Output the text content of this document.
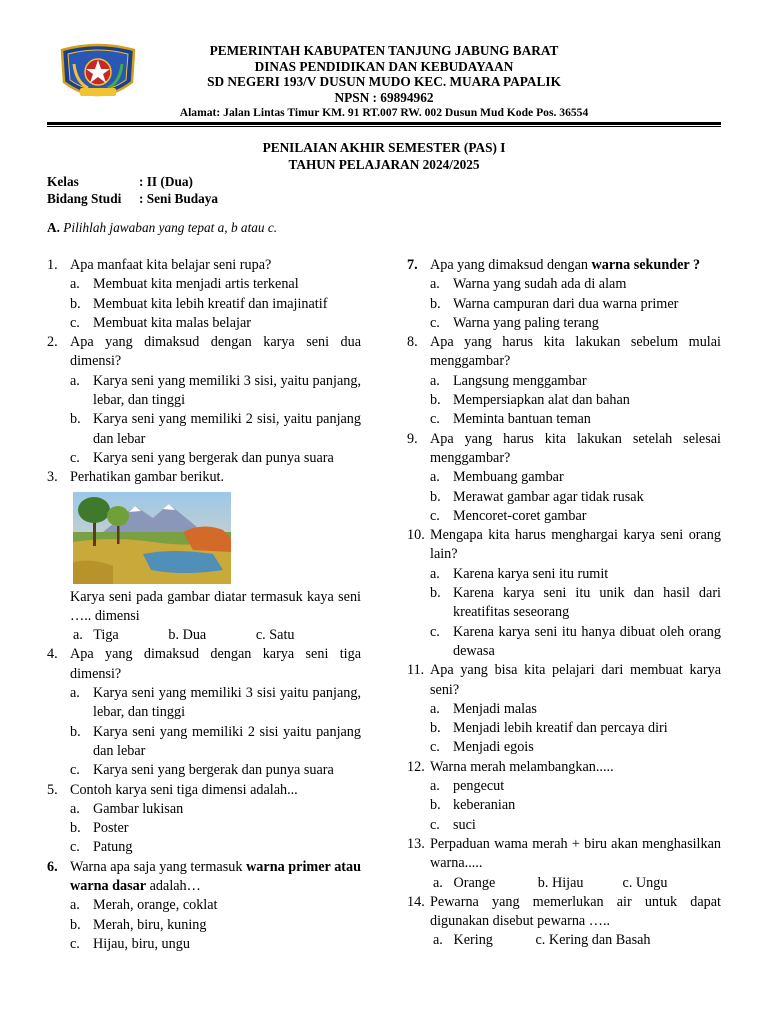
PEMERINTAH KABUPATEN TANJUNG JABUNG BARAT
DINAS PENDIDIKAN DAN KEBUDAYAAN
SD NEGERI 193/V DUSUN MUDO KEC. MUARA PAPALIK
NPSN : 69894962
Alamat: Jalan Lintas Timur KM. 91 RT.007 RW. 002 Dusun Mud Kode Pos. 36554
PENILAIAN AKHIR SEMESTER (PAS) I
TAHUN PELAJARAN 2024/2025
Kelas	: II (Dua)
Bidang Studi : Seni Budaya
A. Pilihlah jawaban yang tepat a, b atau c.
1. Apa manfaat kita belajar seni rupa?
a. Membuat kita menjadi artis terkenal
b. Membuat kita lebih kreatif dan imajinatif
c. Membuat kita malas belajar
2. Apa yang dimaksud dengan karya seni dua dimensi?
a. Karya seni yang memiliki 3 sisi, yaitu panjang, lebar, dan tinggi
b. Karya seni yang memiliki 2 sisi, yaitu panjang dan lebar
c. Karya seni yang bergerak dan punya suara
3. Perhatikan gambar berikut.
Karya seni pada gambar diatar termasuk kaya seni ….. dimensi
a.   Tiga              b. Dua              c. Satu
4. Apa yang dimaksud dengan karya seni tiga dimensi?
a. Karya seni yang memiliki 3 sisi yaitu panjang, lebar, dan tinggi
b. Karya seni yang memiliki 2 sisi yaitu panjang dan lebar
c. Karya seni yang bergerak dan punya suara
5. Contoh karya seni tiga dimensi adalah...
a. Gambar lukisan
b. Poster
c. Patung
6. Warna apa saja yang termasuk warna primer atau warna dasar adalah…
a. Merah, orange, coklat
b. Merah, biru, kuning
c. Hijau, biru, ungu
7. Apa yang dimaksud dengan warna sekunder ?
a. Warna yang sudah ada di alam
b. Warna campuran dari dua warna primer
c. Warna yang paling terang
8. Apa yang harus kita lakukan sebelum mulai menggambar?
a. Langsung menggambar
b. Mempersiapkan alat dan bahan
c. Meminta bantuan teman
9. Apa yang harus kita lakukan setelah selesai menggambar?
a. Membuang gambar
b. Merawat gambar agar tidak rusak
c. Mencoret-coret gambar
10. Mengapa kita harus menghargai karya seni orang lain?
a. Karena karya seni itu rumit
b. Karena karya seni itu unik dan hasil dari kreatifitas seseorang
c. Karena karya seni itu hanya dibuat oleh orang dewasa
11. Apa yang bisa kita pelajari dari membuat karya seni?
a. Menjadi malas
b. Menjadi lebih kreatif dan percaya diri
c. Menjadi egois
12. Warna merah melambangkan.....
a. pengecut
b. keberanian
c. suci
13. Perpaduan wama merah + biru akan menghasilkan warna.....
a.   Orange            b. Hijau           c. Ungu
14. Pewarna yang memerlukan air untuk dapat digunakan disebut pewarna …..
a.   Kering            c. Kering dan Basah
